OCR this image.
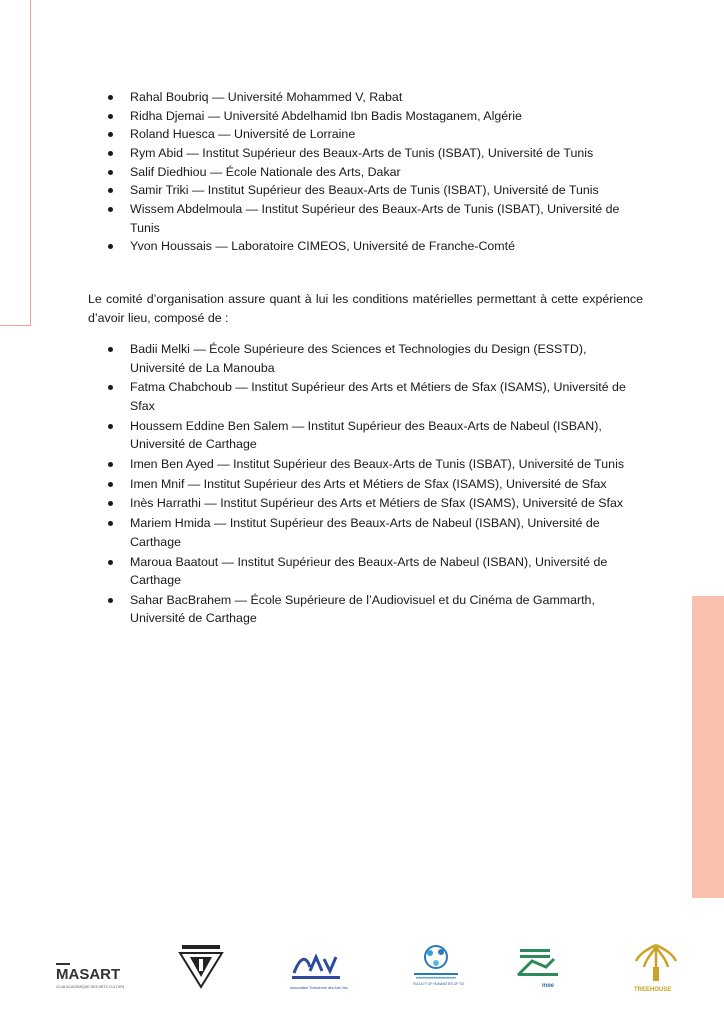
Rahal Boubriq — Université Mohammed V, Rabat
Ridha Djemai — Université Abdelhamid Ibn Badis Mostaganem, Algérie
Roland Huesca — Université de Lorraine
Rym Abid — Institut Supérieur des Beaux-Arts de Tunis (ISBAT), Université de Tunis
Salif Diedhiou — École Nationale des Arts, Dakar
Samir Triki — Institut Supérieur des Beaux-Arts de Tunis (ISBAT), Université de Tunis
Wissem Abdelmoula — Institut Supérieur des Beaux-Arts de Tunis (ISBAT), Université de Tunis
Yvon Houssais — Laboratoire CIMEOS, Université de Franche-Comté

Le comité d’organisation assure quant à lui les conditions matérielles permettant à cette expérience d’avoir lieu, composé de :

Badii Melki — École Supérieure des Sciences et Technologies du Design (ESSTD), Université de La Manouba
Fatma Chabchoub — Institut Supérieur des Arts et Métiers de Sfax (ISAMS), Université de Sfax
Houssem Eddine Ben Salem — Institut Supérieur des Beaux-Arts de Nabeul (ISBAN), Université de Carthage
Imen Ben Ayed — Institut Supérieur des Beaux-Arts de Tunis (ISBAT), Université de Tunis
Imen Mnif — Institut Supérieur des Arts et Métiers de Sfax (ISAMS), Université de Sfax
Inès Harrathi — Institut Supérieur des Arts et Métiers de Sfax (ISAMS), Université de Sfax
Mariem Hmida — Institut Supérieur des Beaux-Arts de Nabeul (ISBAN), Université de Carthage
Maroua Baatout — Institut Supérieur des Beaux-Arts de Nabeul (ISBAN), Université de Carthage
Sahar BacBrahem — École Supérieure de l’Audiovisuel et du Cinéma de Gammarth, Université de Carthage
MASART
CLUB ACADEMIQUE DES ARTS CULTURE	Association Tunisienne des Arts Visuels
FACULTY OF HUMANITIES OF TUNIS	mee
TREEHOUSE
